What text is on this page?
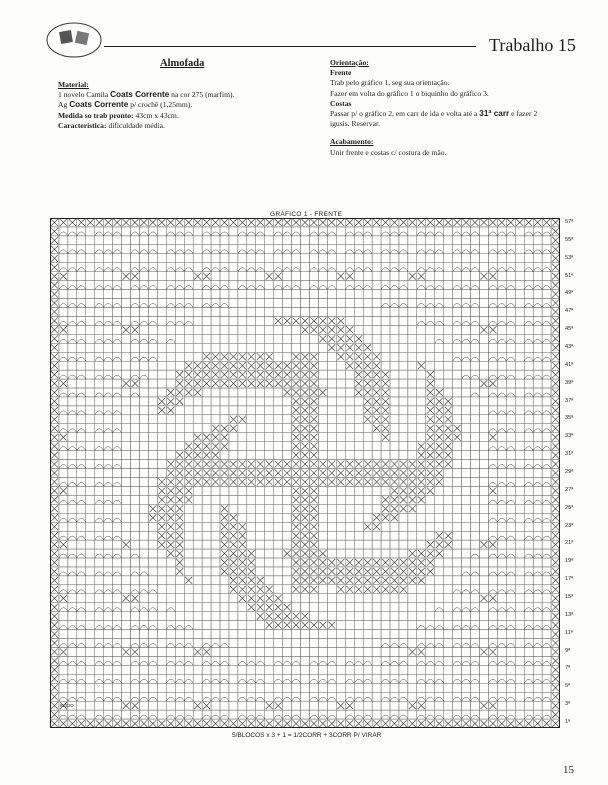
Trabalho 15
Almofada
Material:
1 novelo Camila Coats Corrente na cor 275 (marfim).
Ag Coats Corrente p/ crochê (1,25mm).
Medida so trab pronto: 43cm x 43cm.
Característica: dificuldade média.
Orientação:
Frente
Trab pelo gráfico 1, seg sua orientação.
Fazer em volta do gráfico 1 o biquinho do gráfico 3.
Costas
Passar p/ o gráfico 2, em carr de ida e volta até a 31ª carr e fazer 2
igusis. Reservar.
Acabamento:
Unir frente e costas c/ costura de mão.
GRÁFICO 1 - FRENTE
57ª
55ª
53ª
51ª
49ª
47ª
45ª
43ª
41ª
39ª
37ª
35ª
33ª
31ª
29ª
27ª
25ª
23ª
21ª
19ª
17ª
15ª
13ª
11ª
9ª
7ª
5ª
3ª
1ª
INÍCIO
5/BLOCOS x 3 + 1 = 1/2CORR + 3CORR P/ VIRAR
15
